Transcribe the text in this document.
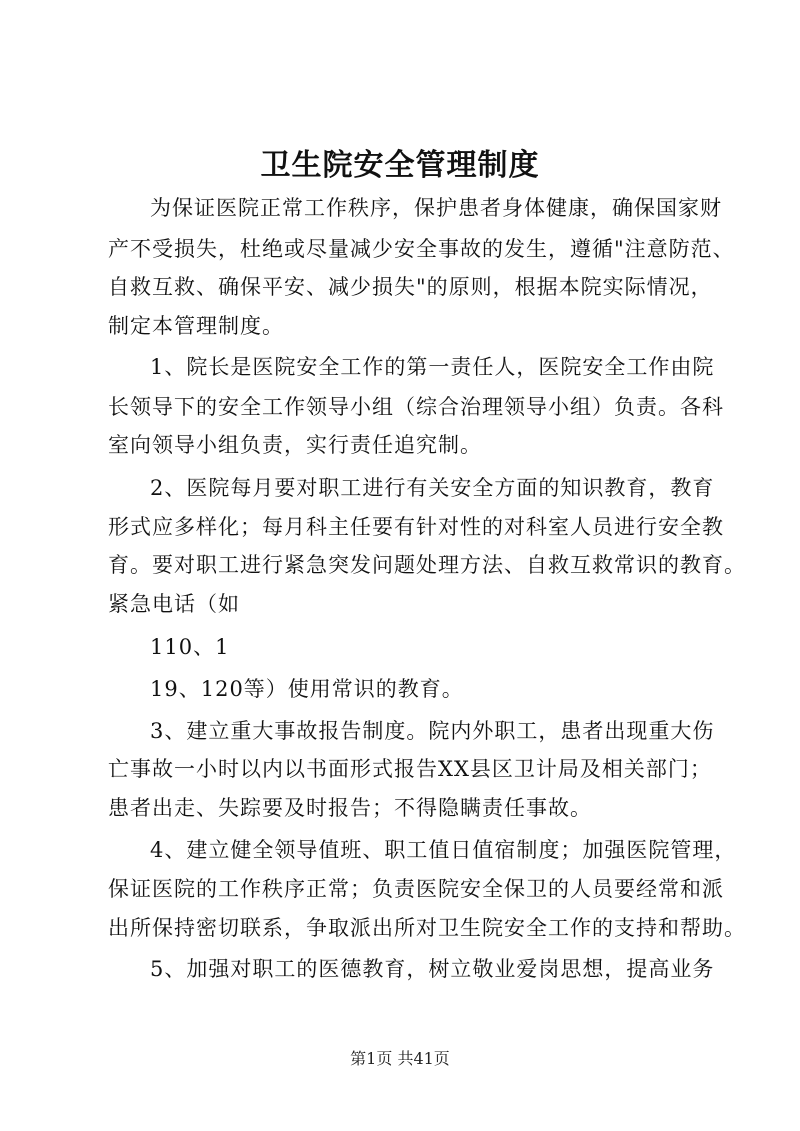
卫生院安全管理制度
为保证医院正常工作秩序，保护患者身体健康，确保国家财
产不受损失，杜绝或尽量减少安全事故的发生，遵循"注意防范、
自救互救、确保平安、减少损失"的原则，根据本院实际情况，
制定本管理制度。
1、院长是医院安全工作的第一责任人，医院安全工作由院
长领导下的安全工作领导小组（综合治理领导小组）负责。各科
室向领导小组负责，实行责任追究制。
2、医院每月要对职工进行有关安全方面的知识教育，教育
形式应多样化；每月科主任要有针对性的对科室人员进行安全教
育。要对职工进行紧急突发问题处理方法、自救互救常识的教育。
紧急电话（如
110、1
19、120等）使用常识的教育。
3、建立重大事故报告制度。院内外职工，患者出现重大伤
亡事故一小时以内以书面形式报告XX县区卫计局及相关部门；
患者出走、失踪要及时报告；不得隐瞒责任事故。
4、建立健全领导值班、职工值日值宿制度；加强医院管理，
保证医院的工作秩序正常；负责医院安全保卫的人员要经常和派
出所保持密切联系，争取派出所对卫生院安全工作的支持和帮助。
5、加强对职工的医德教育，树立敬业爱岗思想，提高业务
第1页 共41页
